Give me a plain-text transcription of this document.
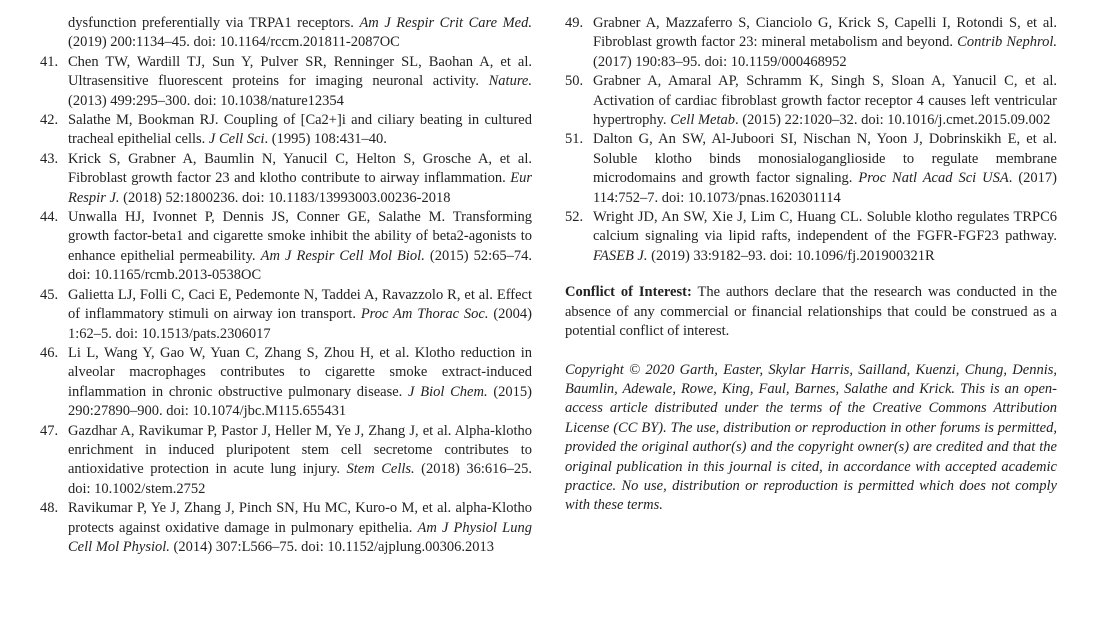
dysfunction preferentially via TRPA1 receptors. Am J Respir Crit Care Med. (2019) 200:1134–45. doi: 10.1164/rccm.201811-2087OC
41. Chen TW, Wardill TJ, Sun Y, Pulver SR, Renninger SL, Baohan A, et al. Ultrasensitive fluorescent proteins for imaging neuronal activity. Nature. (2013) 499:295–300. doi: 10.1038/nature12354
42. Salathe M, Bookman RJ. Coupling of [Ca2+]i and ciliary beating in cultured tracheal epithelial cells. J Cell Sci. (1995) 108:431–40.
43. Krick S, Grabner A, Baumlin N, Yanucil C, Helton S, Grosche A, et al. Fibroblast growth factor 23 and klotho contribute to airway inflammation. Eur Respir J. (2018) 52:1800236. doi: 10.1183/13993003.00236-2018
44. Unwalla HJ, Ivonnet P, Dennis JS, Conner GE, Salathe M. Transforming growth factor-beta1 and cigarette smoke inhibit the ability of beta2-agonists to enhance epithelial permeability. Am J Respir Cell Mol Biol. (2015) 52:65–74. doi: 10.1165/rcmb.2013-0538OC
45. Galietta LJ, Folli C, Caci E, Pedemonte N, Taddei A, Ravazzolo R, et al. Effect of inflammatory stimuli on airway ion transport. Proc Am Thorac Soc. (2004) 1:62–5. doi: 10.1513/pats.2306017
46. Li L, Wang Y, Gao W, Yuan C, Zhang S, Zhou H, et al. Klotho reduction in alveolar macrophages contributes to cigarette smoke extract-induced inflammation in chronic obstructive pulmonary disease. J Biol Chem. (2015) 290:27890–900. doi: 10.1074/jbc.M115.655431
47. Gazdhar A, Ravikumar P, Pastor J, Heller M, Ye J, Zhang J, et al. Alpha-klotho enrichment in induced pluripotent stem cell secretome contributes to antioxidative protection in acute lung injury. Stem Cells. (2018) 36:616–25. doi: 10.1002/stem.2752
48. Ravikumar P, Ye J, Zhang J, Pinch SN, Hu MC, Kuro-o M, et al. alpha-Klotho protects against oxidative damage in pulmonary epithelia. Am J Physiol Lung Cell Mol Physiol. (2014) 307:L566–75. doi: 10.1152/ajplung.00306.2013
49. Grabner A, Mazzaferro S, Cianciolo G, Krick S, Capelli I, Rotondi S, et al. Fibroblast growth factor 23: mineral metabolism and beyond. Contrib Nephrol. (2017) 190:83–95. doi: 10.1159/000468952
50. Grabner A, Amaral AP, Schramm K, Singh S, Sloan A, Yanucil C, et al. Activation of cardiac fibroblast growth factor receptor 4 causes left ventricular hypertrophy. Cell Metab. (2015) 22:1020–32. doi: 10.1016/j.cmet.2015.09.002
51. Dalton G, An SW, Al-Juboori SI, Nischan N, Yoon J, Dobrinskikh E, et al. Soluble klotho binds monosialoganglioside to regulate membrane microdomains and growth factor signaling. Proc Natl Acad Sci USA. (2017) 114:752–7. doi: 10.1073/pnas.1620301114
52. Wright JD, An SW, Xie J, Lim C, Huang CL. Soluble klotho regulates TRPC6 calcium signaling via lipid rafts, independent of the FGFR-FGF23 pathway. FASEB J. (2019) 33:9182–93. doi: 10.1096/fj.201900321R

Conflict of Interest: The authors declare that the research was conducted in the absence of any commercial or financial relationships that could be construed as a potential conflict of interest.

Copyright © 2020 Garth, Easter, Skylar Harris, Sailland, Kuenzi, Chung, Dennis, Baumlin, Adewale, Rowe, King, Faul, Barnes, Salathe and Krick. This is an open-access article distributed under the terms of the Creative Commons Attribution License (CC BY). The use, distribution or reproduction in other forums is permitted, provided the original author(s) and the copyright owner(s) are credited and that the original publication in this journal is cited, in accordance with accepted academic practice. No use, distribution or reproduction is permitted which does not comply with these terms.
